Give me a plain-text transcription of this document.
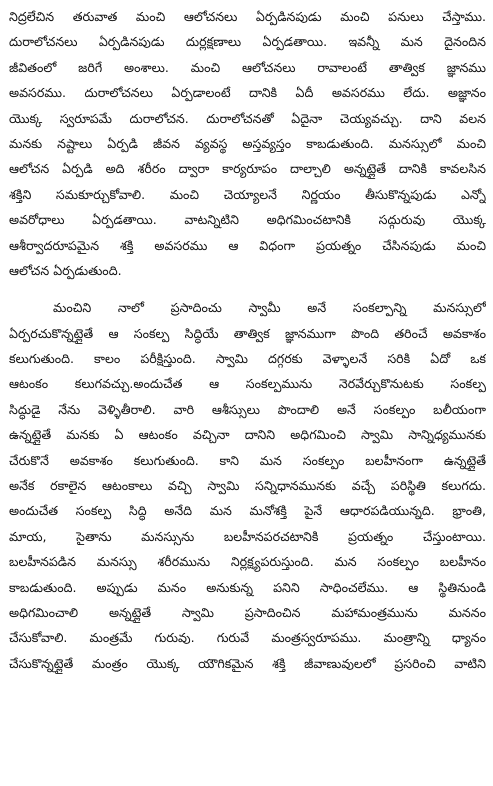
నిద్రలేచిన తరువాత మంచి ఆలోచనలు ఏర్పడినపుడు మంచి పనులు చేస్తాము.
దురాలోచనలు ఏర్పడినపుడు దుర్లక్షణాలు ఏర్పడతాయి. ఇవన్నీ మన దైనందిన
జీవితంలో జరిగే అంశాలు. మంచి ఆలోచనలు రావాలంటే తాత్విక జ్ఞానము
అవసరము. దురాలోచనలు ఏర్పడాలంటే దానికి ఏదీ అవసరము లేదు. అజ్ఞానం
యొక్క స్వరూపమే దురాలోచన. దురాలోచనతో ఏదైనా చెయ్యవచ్చు. దాని వలన
మనకు నష్టాలు ఏర్పడి జీవన వ్యవస్థ అస్తవ్యస్తం కాబడుతుంది. మనస్సులో మంచి
ఆలోచన ఏర్పడి అది శరీరం ద్వారా కార్యరూపం దాల్చాలి అన్నట్లైతే దానికి కావలసిన
శక్తిని సమకూర్చుకోవాలి. మంచి చెయ్యాలనే నిర్ణయం తీసుకొన్నపుడు ఎన్నో
అవరోధాలు ఏర్పడతాయి. వాటన్నిటిని అధిగమించటానికి సద్గురువు యొక్క
ఆశీర్వాదరూపమైన శక్తి అవసరము ఆ విధంగా ప్రయత్నం చేసినపుడు మంచి
ఆలోచన ఏర్పడుతుంది.
మంచిని నాలో ప్రసాదించు స్వామీ అనే సంకల్పాన్ని మనస్సులో
ఏర్పరచుకొన్నట్లైతే ఆ సంకల్ప సిద్ధియే తాత్విక జ్ఞానముగా పొంది తరించే అవకాశం
కలుగుతుంది. కాలం పరీక్షిస్తుంది. స్వామి దగ్గరకు వెళ్ళాలనే సరికి ఏదో ఒక
ఆటంకం కలుగవచ్చు.అందుచేత ఆ సంకల్పమును నెరవేర్చుకొనుటకు సంకల్ప
సిద్ధుడై నేను వెళ్ళితీరాలి. వారి ఆశీస్సులు పొందాలి అనే సంకల్పం బలీయంగా
ఉన్నట్లైతే మనకు ఏ ఆటంకం వచ్చినా దానిని అధిగమించి స్వామి సాన్నిధ్యమునకు
చేరుకొనే అవకాశం కలుగుతుంది. కాని మన సంకల్పం బలహీనంగా ఉన్నట్లైతే
అనేక రకాలైన ఆటంకాలు వచ్చి స్వామి సన్నిధానమునకు వచ్చే పరిస్థితి కలుగదు.
అందుచేత సంకల్ప సిద్ధి అనేది మన మనోశక్తి పైనే ఆధారపడియున్నది. భ్రాంతి,
మాయ, సైతాను మనస్సును బలహీనపరచటానికి ప్రయత్నం చేస్తుంటాయి.
బలహీనపడిన మనస్సు శరీరమును నిర్లక్ష్యపరుస్తుంది. మన సంకల్పం బలహీనం
కాబడుతుంది. అప్పుడు మనం అనుకున్న పనిని సాధించలేము. ఆ స్థితినుండి
అధిగమించాలి అన్నట్లైతే స్వామి ప్రసాదించిన మహామంత్రమును మననం
చేసుకోవాలి. మంత్రమే గురువు. గురువే మంత్రస్వరూపము. మంత్రాన్ని ధ్యానం
చేసుకొన్నట్లైతే మంత్రం యొక్క యౌగికమైన శక్తి జీవాణువులలో ప్రసరించి వాటిని
